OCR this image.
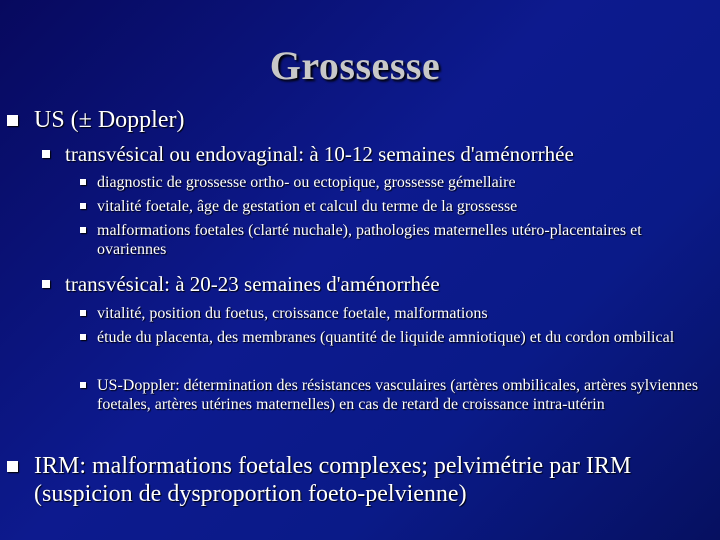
Grossesse
US (± Doppler)
transvésical ou endovaginal: à 10-12 semaines d'aménorrhée
diagnostic de grossesse ortho- ou ectopique, grossesse gémellaire
vitalité foetale, âge de gestation et calcul du terme de la grossesse
malformations foetales (clarté nuchale), pathologies maternelles utéro-placentaires et ovariennes
transvésical: à 20-23 semaines d'aménorrhée
vitalité, position du foetus, croissance foetale, malformations
étude du placenta, des membranes (quantité de liquide amniotique) et du cordon ombilical
US-Doppler: détermination des résistances vasculaires (artères ombilicales, artères sylviennes foetales, artères utérines maternelles) en cas de retard de croissance intra-utérin
IRM: malformations foetales complexes; pelvimétrie par IRM (suspicion de dysproportion foeto-pelvienne)
